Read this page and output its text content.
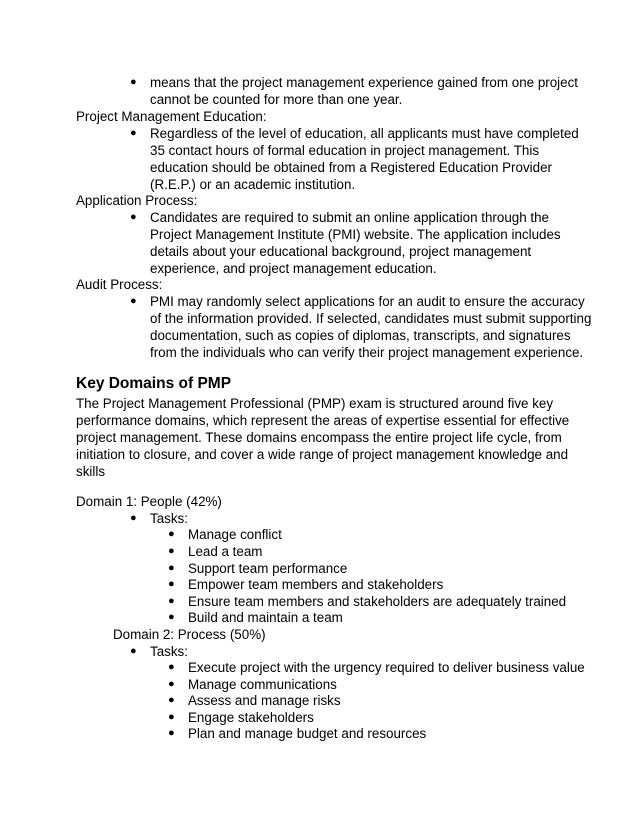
● means that the project management experience gained from one project
cannot be counted for more than one year.
Project Management Education:
● Regardless of the level of education, all applicants must have completed
35 contact hours of formal education in project management. This
education should be obtained from a Registered Education Provider
(R.E.P.) or an academic institution.
Application Process:
● Candidates are required to submit an online application through the
Project Management Institute (PMI) website. The application includes
details about your educational background, project management
experience, and project management education.
Audit Process:
● PMI may randomly select applications for an audit to ensure the accuracy
of the information provided. If selected, candidates must submit supporting
documentation, such as copies of diplomas, transcripts, and signatures
from the individuals who can verify their project management experience.
Key Domains of PMP
The Project Management Professional (PMP) exam is structured around five key
performance domains, which represent the areas of expertise essential for effective
project management. These domains encompass the entire project life cycle, from
initiation to closure, and cover a wide range of project management knowledge and
skills
Domain 1: People (42%)
● Tasks:
● Manage conflict
● Lead a team
● Support team performance
● Empower team members and stakeholders
● Ensure team members and stakeholders are adequately trained
● Build and maintain a team
Domain 2: Process (50%)
● Tasks:
● Execute project with the urgency required to deliver business value
● Manage communications
● Assess and manage risks
● Engage stakeholders
● Plan and manage budget and resources
